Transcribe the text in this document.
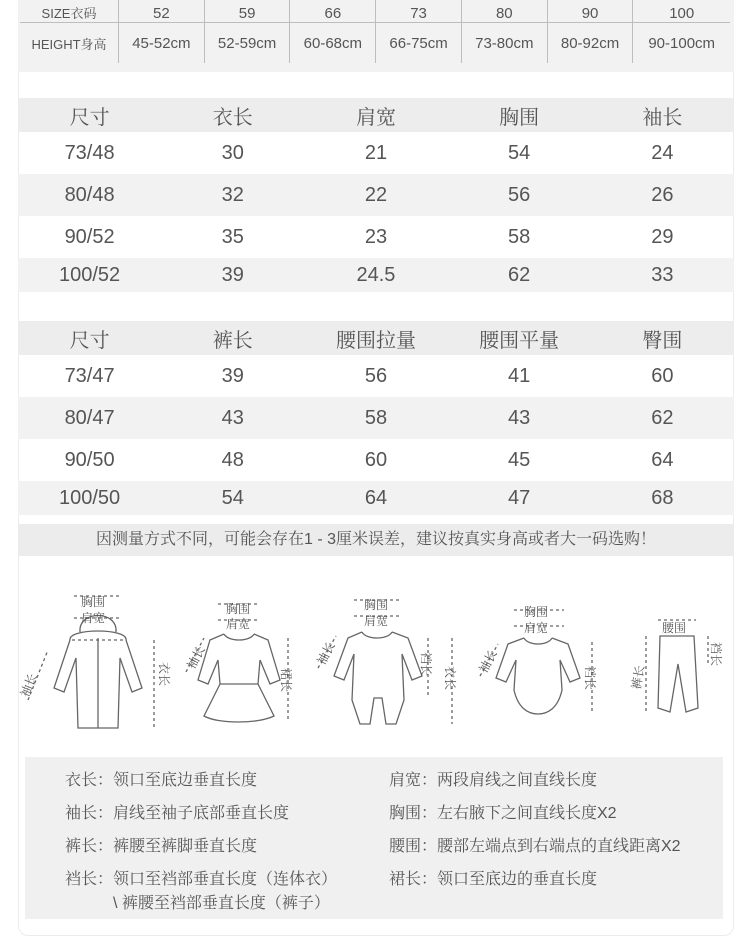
SIZE衣码	52	59	66	73	80	90	100
HEIGHT身高	45-52cm	52-59cm	60-68cm	66-75cm	73-80cm	80-92cm	90-100cm
尺寸	衣长	肩宽	胸围	袖长
73/48	30	21	54	24
80/48	32	22	56	26
90/52	35	23	58	29
100/52	39	24.5	62	33
尺寸	裤长	腰围拉量	腰围平量	臀围
73/47	39	56	41	60
80/47	43	58	43	62
90/50	48	60	45	64
100/50	54	64	47	68
因测量方式不同，可能会存在1 - 3厘米误差，建议按真实身高或者大一码选购！
胸围
肩宽
衣长
袖长
胸围
肩宽
裙长
袖长
胸围
肩宽
裆长
衣长
袖长
胸围
肩宽
裆长
袖长
腰围
裆长
裤长
衣长：领口至底边垂直长度
袖长：肩线至袖子底部垂直长度
裤长：裤腰至裤脚垂直长度
裆长：领口至裆部垂直长度（连体衣）
\ 裤腰至裆部垂直长度（裤子）
肩宽：两段肩线之间直线长度
胸围：左右腋下之间直线长度X2
腰围：腰部左端点到右端点的直线距离X2
裙长：领口至底边的垂直长度
